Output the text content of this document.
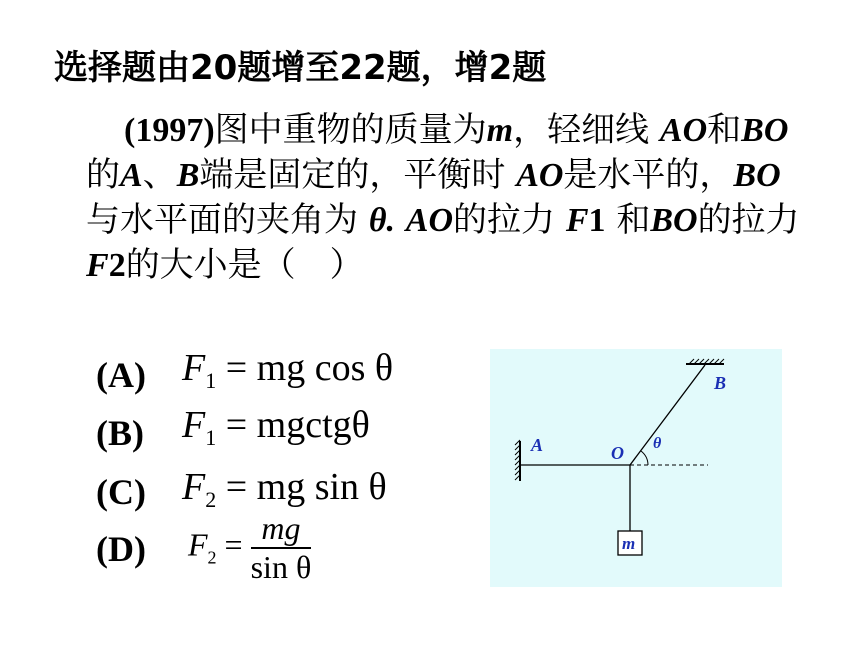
选择题由20题增至22题，增2题
(1997)图中重物的质量为m，轻细线 AO和BO的A、B端是固定的，平衡时 AO是水平的，BO与水平面的夹角为 θ. AO的拉力 F1 和BO的拉力F2的大小是（　）
(A) $F_1$ = mg cos θ
(B) $F_1$ = mgctgθ
(C) $F_2$ = mg sin θ
(D) $F_2 = \frac{mg}{\text{sin θ}}$
A	O
B
θ
m
